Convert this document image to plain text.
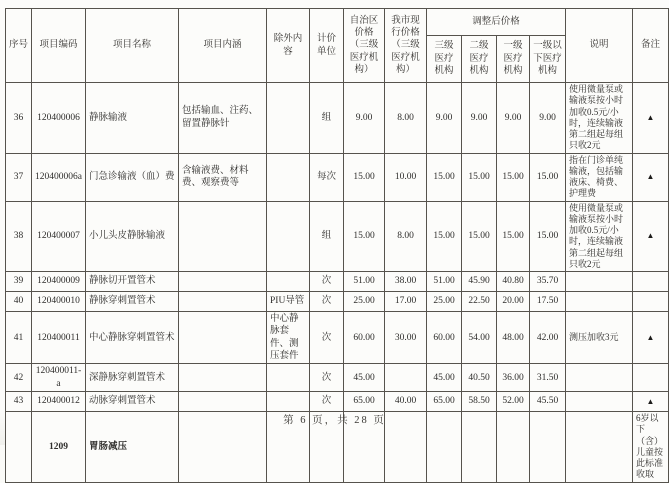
序号	项目编码	项目名称	项目内涵	除外内容	计价单位	自治区价格（三级医疗机构）	我市现行价格（三级医疗机构）	调整后价格				说明	备注
								三级医疗机构	二级医疗机构	一级医疗机构	一级以下医疗机构		
36	120400006	静脉输液	包括输血、注药、留置静脉针		组	9.00	8.00	9.00	9.00	9.00	9.00	使用微量泵或输液泵按小时加收0.5元/小时，连续输液第二组起每组只收2元	▲
37	120400006a	门急诊输液（血）费	含输液费、材料费、观察费等		每次	15.00	10.00	15.00	15.00	15.00	15.00	指在门诊单纯输液，包括输液床、椅费、护理费	▲
38	120400007	小儿头皮静脉输液			组	15.00	8.00	15.00	15.00	15.00	15.00	使用微量泵或输液泵按小时加收0.5元/小时，连续输液第二组起每组只收2元	▲
39	120400009	静脉切开置管术			次	51.00	38.00	51.00	45.90	40.80	35.70		
40	120400010	静脉穿刺置管术		PIU导管	次	25.00	17.00	25.00	22.50	20.00	17.50		
41	120400011	中心静脉穿刺置管术		中心静脉套件、测压套件	次	60.00	30.00	60.00	54.00	48.00	42.00	测压加收3元	▲
42	120400011-a	深静脉穿刺置管术			次	45.00		45.00	40.50	36.00	31.50		
43	120400012	动脉穿刺置管术			次	65.00	40.00	65.00	58.50	52.00	45.50		▲
	1209	胃肠减压											6岁以下（含）儿童按此标准收取
第 6 页，共 28 页
